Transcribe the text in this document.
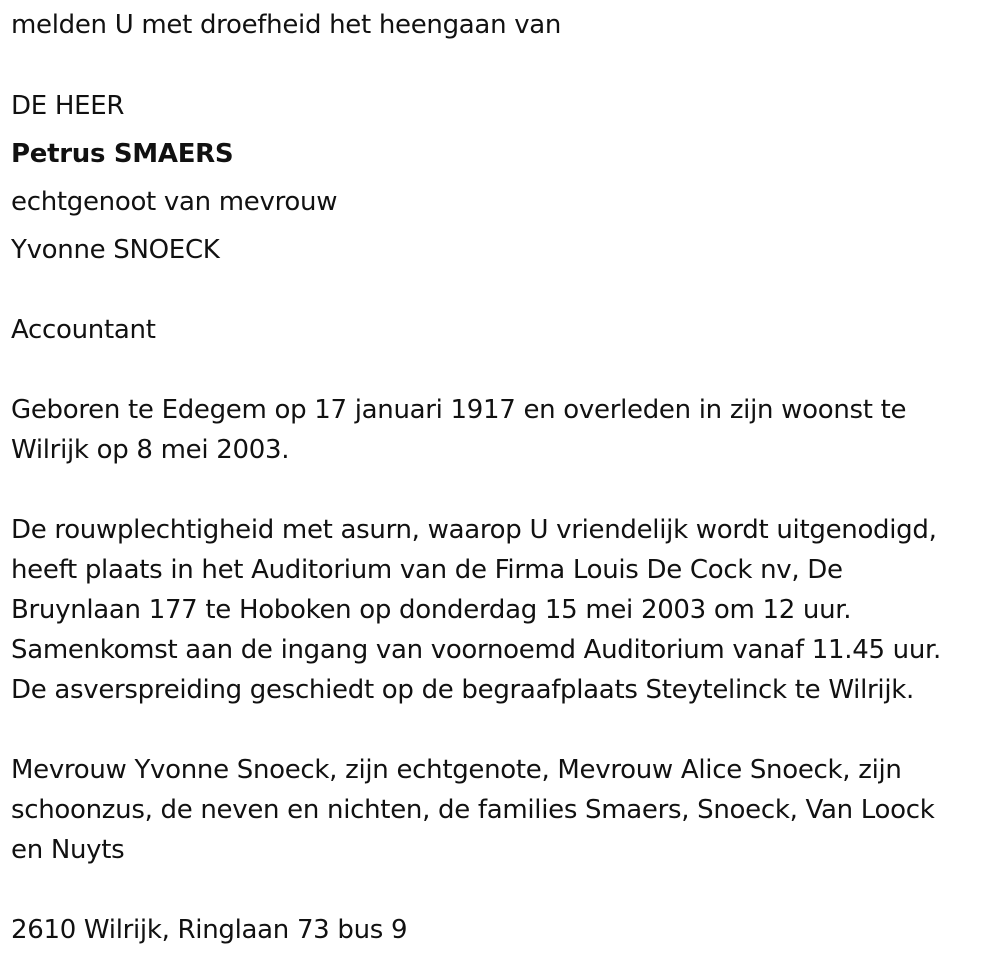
melden U met droefheid het heengaan van
DE HEER
Petrus SMAERS
echtgenoot van mevrouw
Yvonne SNOECK
Accountant
Geboren te Edegem op 17 januari 1917 en overleden in zijn woonst te
Wilrijk op 8 mei 2003.
De rouwplechtigheid met asurn, waarop U vriendelijk wordt uitgenodigd,
heeft plaats in het Auditorium van de Firma Louis De Cock nv, De
Bruynlaan 177 te Hoboken op donderdag 15 mei 2003 om 12 uur.
Samenkomst aan de ingang van voornoemd Auditorium vanaf 11.45 uur.
De asverspreiding geschiedt op de begraafplaats Steytelinck te Wilrijk.
Mevrouw Yvonne Snoeck, zijn echtgenote, Mevrouw Alice Snoeck, zijn
schoonzus, de neven en nichten, de families Smaers, Snoeck, Van Loock
en Nuyts
2610 Wilrijk, Ringlaan 73 bus 9
